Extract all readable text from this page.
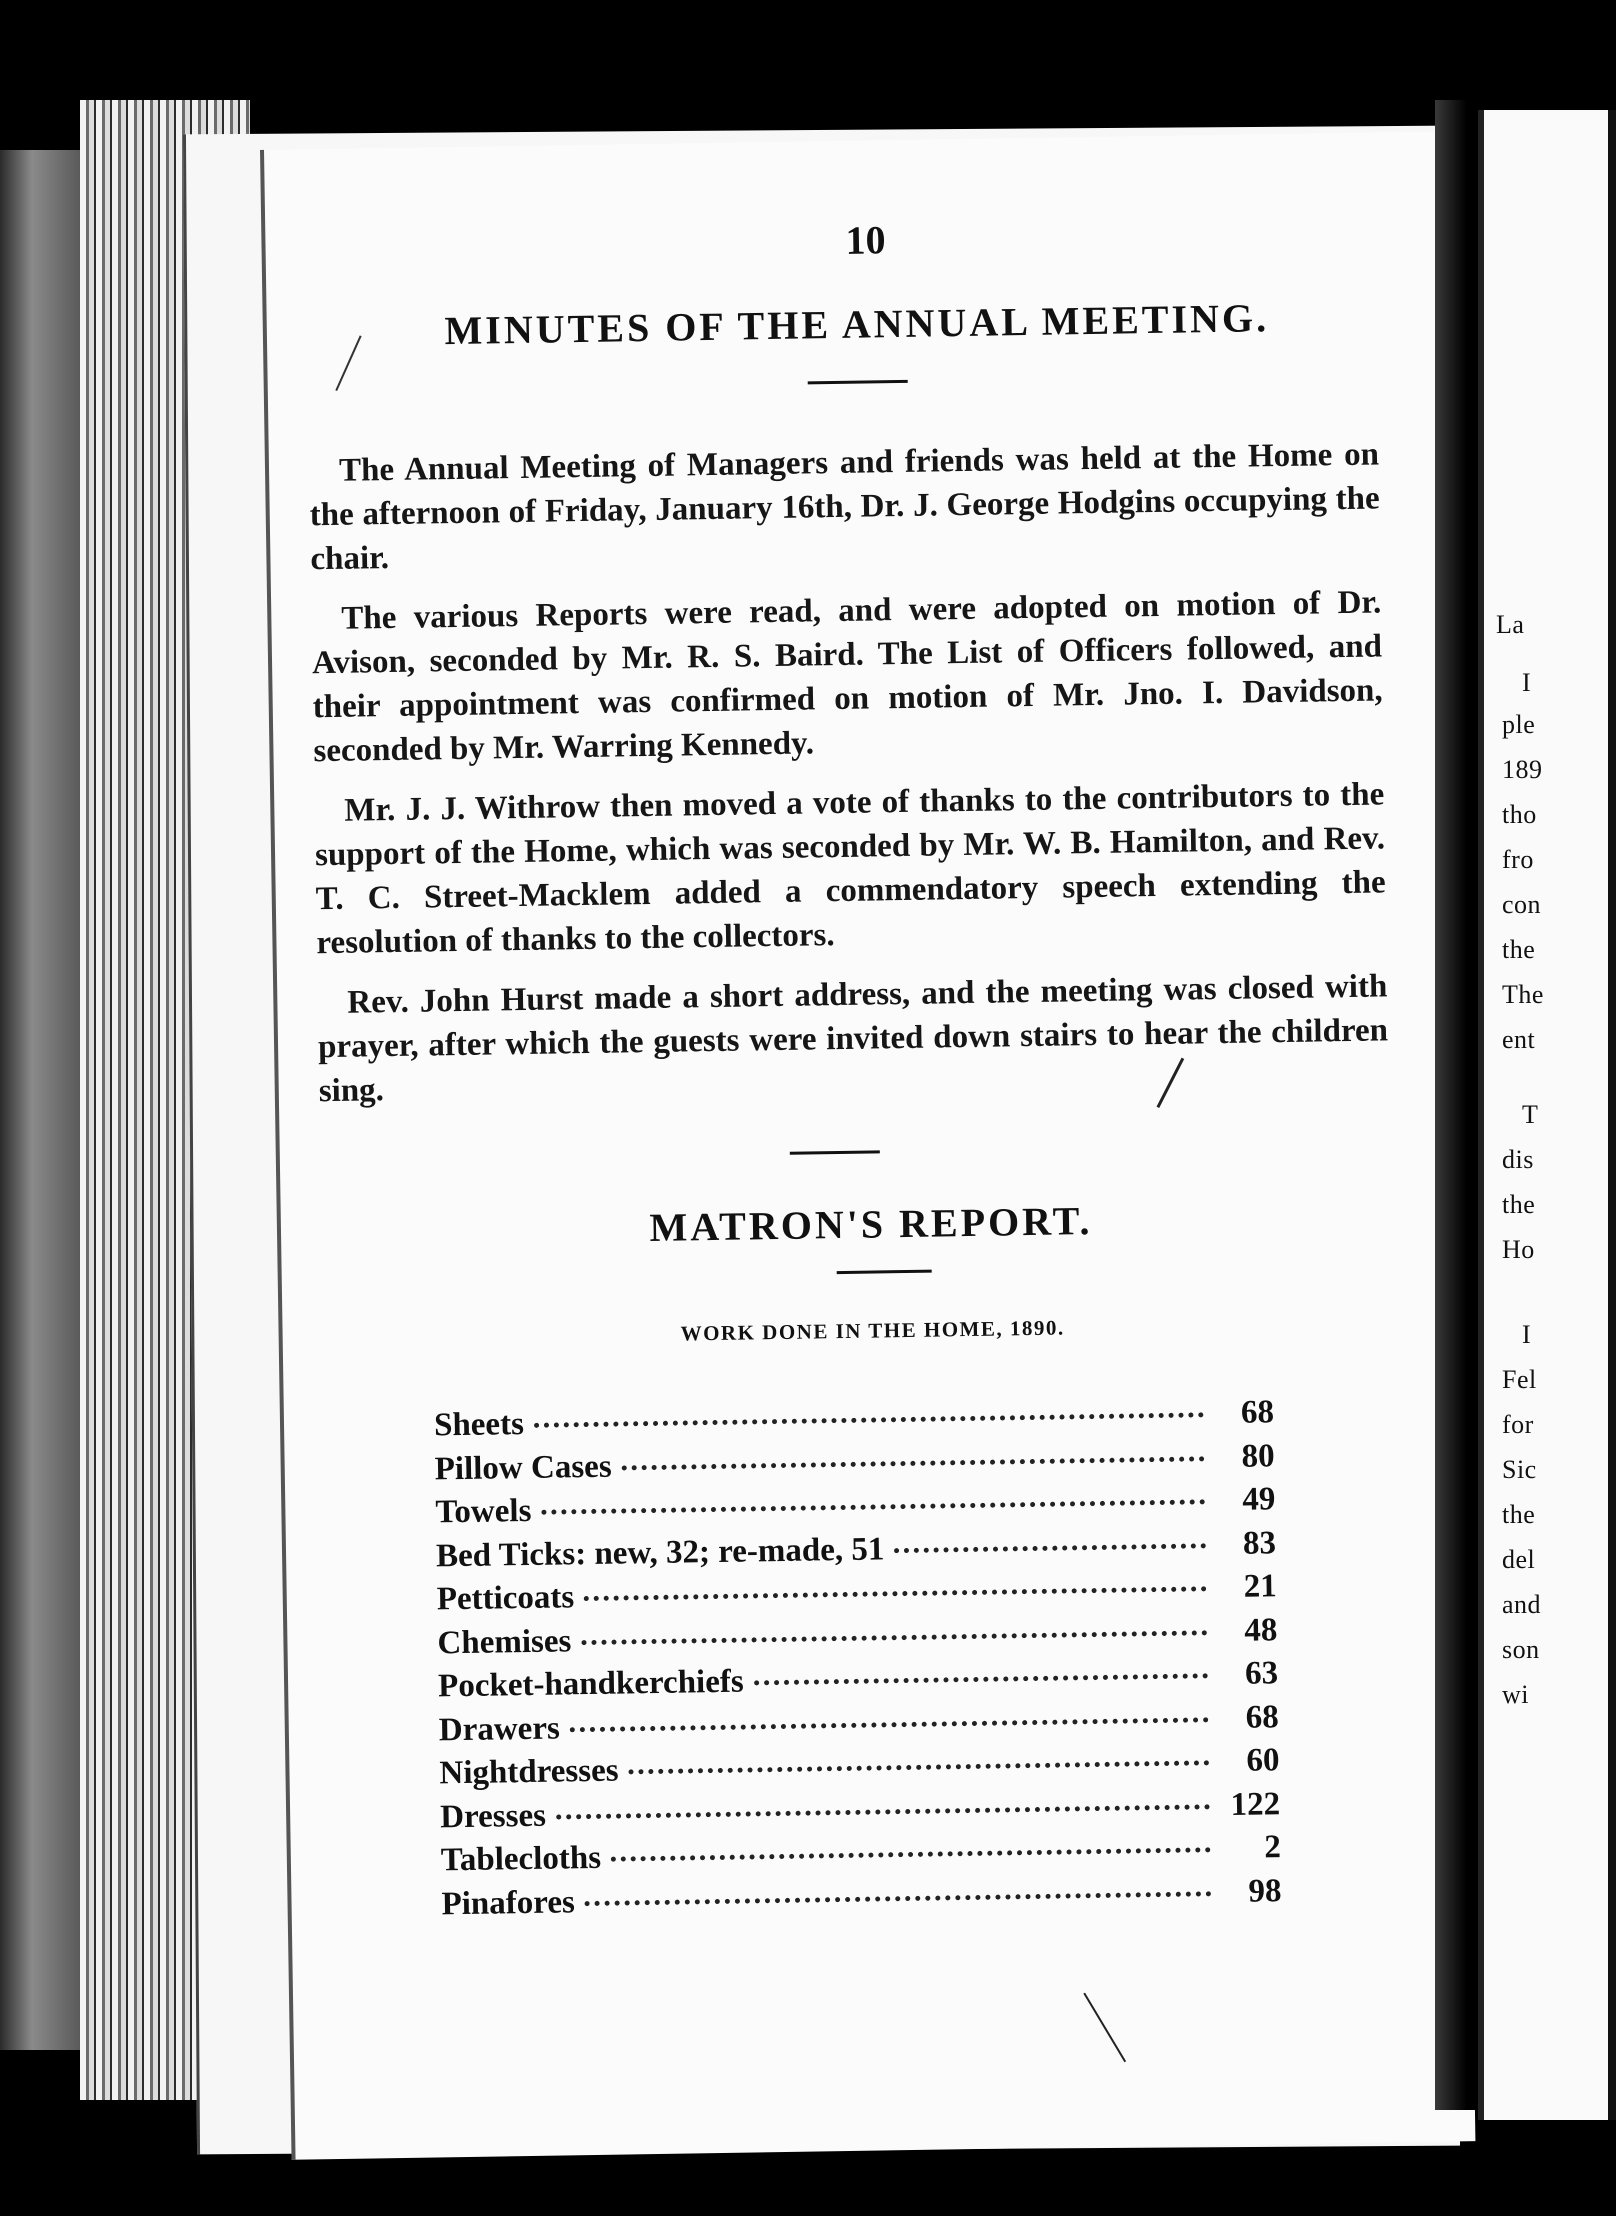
10
MINUTES OF THE ANNUAL MEETING.
The Annual Meeting of Managers and friends was held at the Home on the afternoon of Friday, January 16th, Dr. J. George Hodgins occupying the chair.
The various Reports were read, and were adopted on motion of Dr. Avison, seconded by Mr. R. S. Baird. The List of Officers followed, and their appointment was confirmed on motion of Mr. Jno. I. Davidson, seconded by Mr. Warring Kennedy.
Mr. J. J. Withrow then moved a vote of thanks to the contributors to the support of the Home, which was seconded by Mr. W. B. Hamilton, and Rev. T. C. Street-Macklem added a commendatory speech extending the resolution of thanks to the collectors.
Rev. John Hurst made a short address, and the meeting was closed with prayer, after which the guests were invited down stairs to hear the children sing.
MATRON'S REPORT.
WORK DONE IN THE HOME, 1890.
Sheets	68
Pillow Cases	80
Towels	49
Bed Ticks: new, 32; re-made, 51	83
Petticoats	21
Chemises	48
Pocket-handkerchiefs	63
Drawers	68
Nightdresses	60
Dresses	122
Tablecloths	2
Pinafores	98
La
I
ple
189
tho
fro
con
the
The
ent
T
dis
the
Ho
I
Fel
for
Sic
the
del
and
son
wi
